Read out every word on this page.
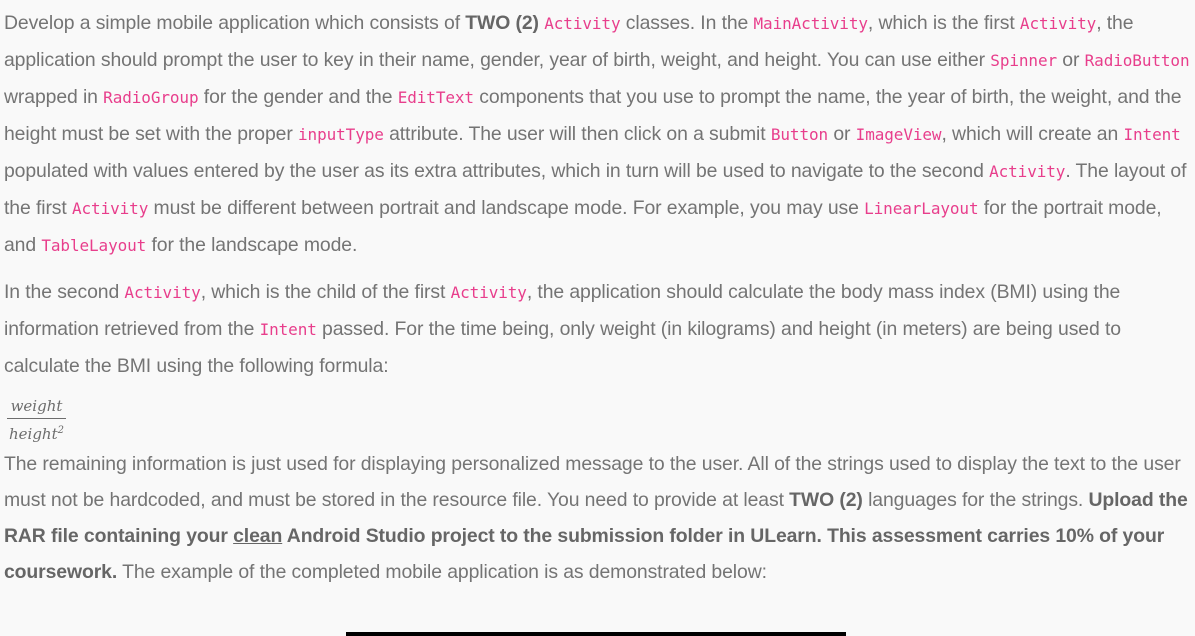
Develop a simple mobile application which consists of TWO (2) Activity classes. In the MainActivity, which is the first Activity, the application should prompt the user to key in their name, gender, year of birth, weight, and height. You can use either Spinner or RadioButton wrapped in RadioGroup for the gender and the EditText components that you use to prompt the name, the year of birth, the weight, and the height must be set with the proper inputType attribute. The user will then click on a submit Button or ImageView, which will create an Intent populated with values entered by the user as its extra attributes, which in turn will be used to navigate to the second Activity. The layout of the first Activity must be different between portrait and landscape mode. For example, you may use LinearLayout for the portrait mode, and TableLayout for the landscape mode.

In the second Activity, which is the child of the first Activity, the application should calculate the body mass index (BMI) using the information retrieved from the Intent passed. For the time being, only weight (in kilograms) and height (in meters) are being used to calculate the BMI using the following formula:

$\frac{\text{weight}}{height^2}$

The remaining information is just used for displaying personalized message to the user. All of the strings used to display the text to the user must not be hardcoded, and must be stored in the resource file. You need to provide at least TWO (2) languages for the strings. Upload the RAR file containing your clean Android Studio project to the submission folder in ULearn. This assessment carries 10% of your coursework. The example of the completed mobile application is as demonstrated below:
